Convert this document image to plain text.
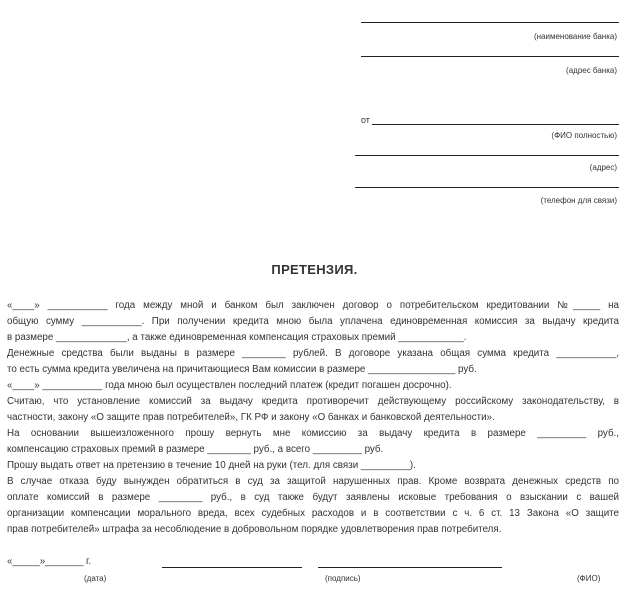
(наименование банка)
(адрес банка)
от
(ФИО полностью)
(адрес)
(телефон для связи)
ПРЕТЕНЗИЯ.
«____» ___________ года между мной и банком был заключен договор о потребительском кредитовании №_____ на
общую сумму ___________. При получении кредита мною была уплачена единовременная комиссия за выдачу кредита
в размере _____________, а также единовременная компенсация страховых премий ____________.
Денежные средства были выданы в размере ________ рублей. В договоре указана общая сумма кредита ___________,
то есть сумма кредита увеличена на причитающиеся Вам комиссии в размере ________________ руб.
«____» ___________ года мною был осуществлен последний платеж (кредит погашен досрочно).
Считаю, что установление комиссий за выдачу кредита противоречит действующему российскому законодательству, в
частности, закону «О защите прав потребителей», ГК РФ и закону «О банках и банковской деятельности».
На основании вышеизложенного прошу вернуть мне комиссию за выдачу кредита в размере _________ руб.,
компенсацию страховых премий в размере ________ руб., а всего _________ руб.
Прошу выдать ответ на претензию в течение 10 дней на руки (тел. для связи _________).
В случае отказа буду вынужден обратиться в суд за защитой нарушенных прав. Кроме возврата денежных средств по
оплате комиссий в размере ________ руб., в суд также будут заявлены исковые требования о взыскании с вашей
организации компенсации морального вреда, всех судебных расходов и в соответствии с ч. 6 ст. 13 Закона «О защите
прав потребителей» штрафа за несоблюдение в добровольном порядке удовлетворения прав потребителя.
«_____»_______ г.
(дата)	(подпись)	(ФИО)
